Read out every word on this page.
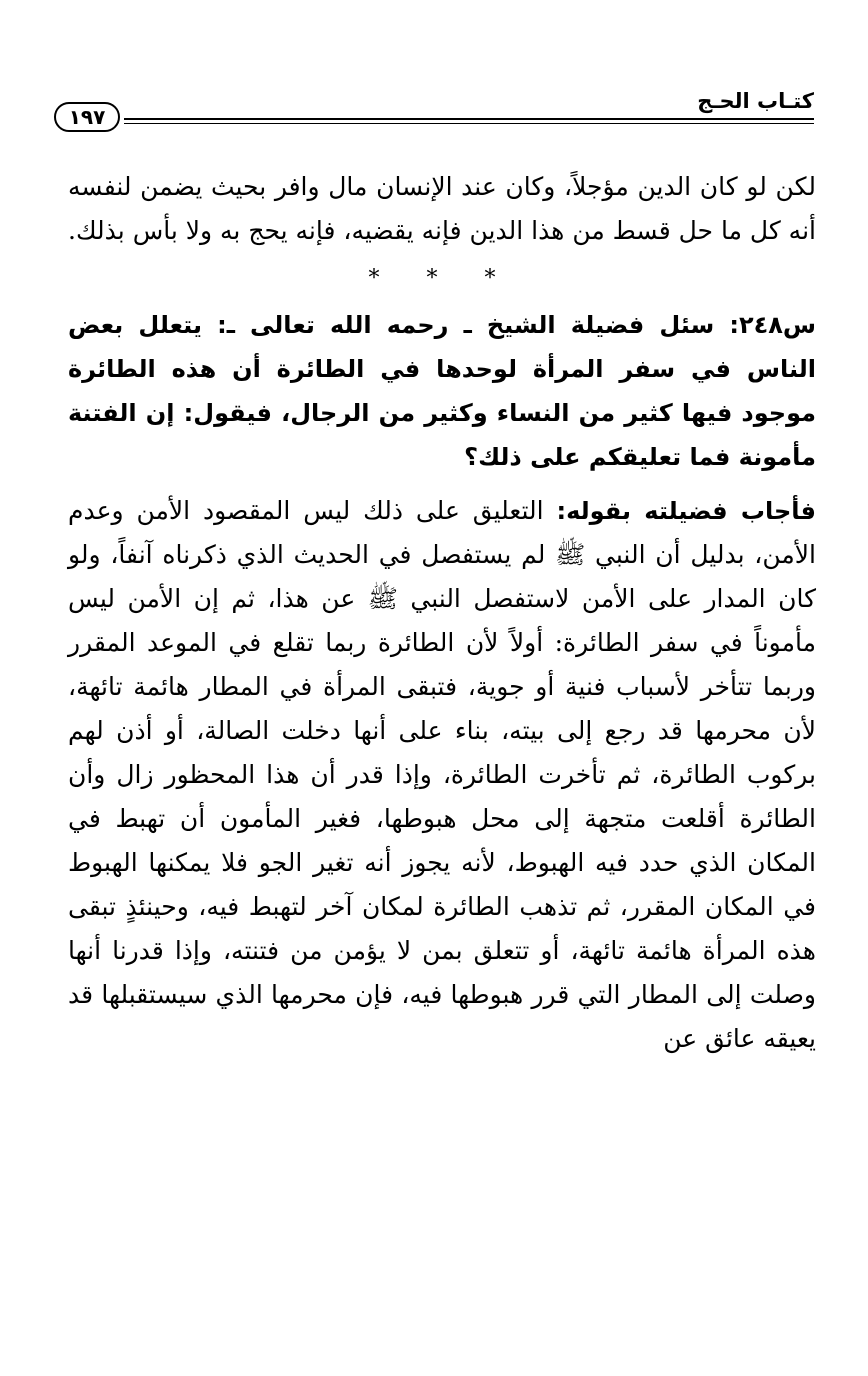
كتـاب الحـج
١٩٧

لكن لو كان الدين مؤجلاً، وكان عند الإنسان مال وافر بحيث يضمن لنفسه أنه كل ما حل قسط من هذا الدين فإنه يقضيه، فإنه يحج به ولا بأس بذلك.

* * *

س٢٤٨: سئل فضيلة الشيخ ـ رحمه الله تعالى ـ: يتعلل بعض الناس في سفر المرأة لوحدها في الطائرة أن هذه الطائرة موجود فيها كثير من النساء وكثير من الرجال، فيقول: إن الفتنة مأمونة فما تعليقكم على ذلك؟

فأجاب فضيلته بقوله: التعليق على ذلك ليس المقصود الأمن وعدم الأمن، بدليل أن النبي ﷺ لم يستفصل في الحديث الذي ذكرناه آنفاً، ولو كان المدار على الأمن لاستفصل النبي ﷺ عن هذا، ثم إن الأمن ليس مأموناً في سفر الطائرة: أولاً لأن الطائرة ربما تقلع في الموعد المقرر وربما تتأخر لأسباب فنية أو جوية، فتبقى المرأة في المطار هائمة تائهة، لأن محرمها قد رجع إلى بيته، بناء على أنها دخلت الصالة، أو أذن لهم بركوب الطائرة، ثم تأخرت الطائرة، وإذا قدر أن هذا المحظور زال وأن الطائرة أقلعت متجهة إلى محل هبوطها، فغير المأمون أن تهبط في المكان الذي حدد فيه الهبوط، لأنه يجوز أنه تغير الجو فلا يمكنها الهبوط في المكان المقرر، ثم تذهب الطائرة لمكان آخر لتهبط فيه، وحينئذٍ تبقى هذه المرأة هائمة تائهة، أو تتعلق بمن لا يؤمن من فتنته، وإذا قدرنا أنها وصلت إلى المطار التي قرر هبوطها فيه، فإن محرمها الذي سيستقبلها قد يعيقه عائق عن
